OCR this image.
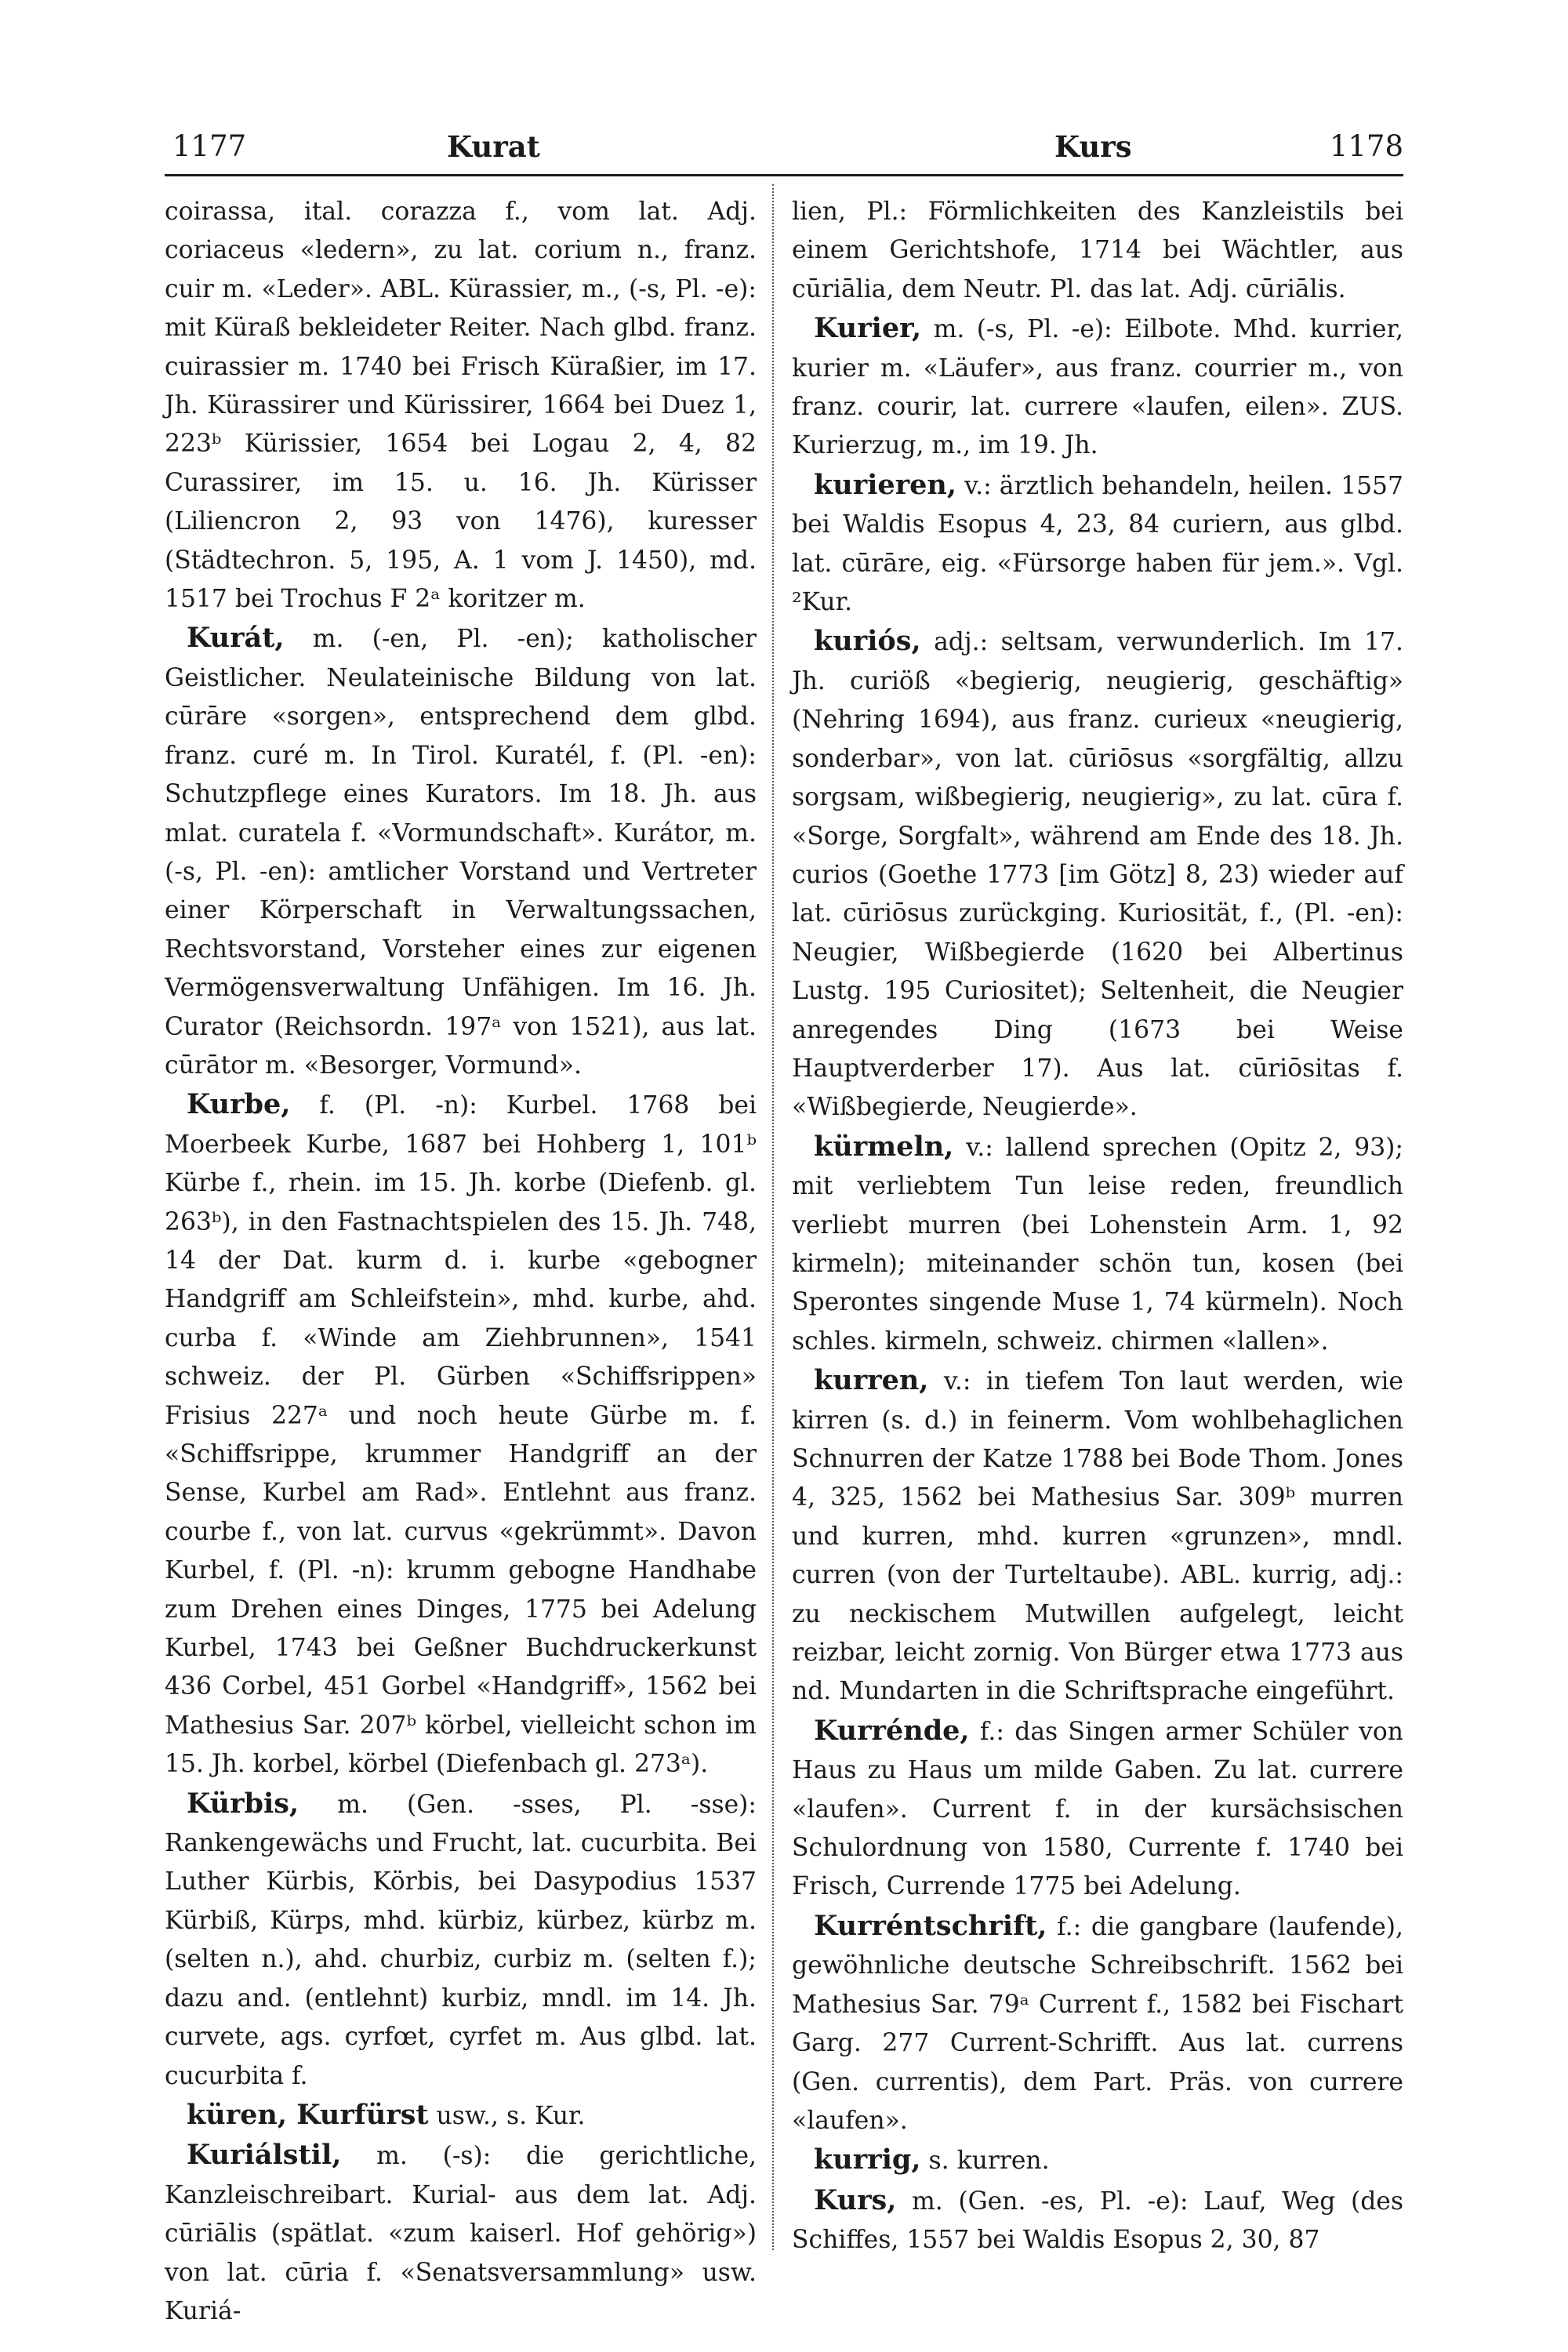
1177	Kurat	Kurs	1178

coirassa, ital. corazza f., vom lat. Adj. coriaceus «ledern», zu lat. corium n., franz. cuir m. «Leder». ABL. Kürassier, m., (-s, Pl. -e): mit Küraß bekleideter Reiter. Nach glbd. franz. cuirassier m. 1740 bei Frisch Küraßier, im 17. Jh. Kürassirer und Kürissirer, 1664 bei Duez 1, 223ᵇ Kürissier, 1654 bei Logau 2, 4, 82 Curassirer, im 15. u. 16. Jh. Kürisser (Liliencron 2, 93 von 1476), kuresser (Städtechron. 5, 195, A. 1 vom J. 1450), md. 1517 bei Trochus F 2ᵃ koritzer m.

Kurát, m. (-en, Pl. -en); katholischer Geistlicher. Neulateinische Bildung von lat. cūrāre «sorgen», entsprechend dem glbd. franz. curé m. In Tirol. Kuratél, f. (Pl. -en): Schutzpflege eines Kurators. Im 18. Jh. aus mlat. curatela f. «Vormundschaft». Kurátor, m. (-s, Pl. -en): amtlicher Vorstand und Vertreter einer Körperschaft in Verwaltungssachen, Rechtsvorstand, Vorsteher eines zur eigenen Vermögensverwaltung Unfähigen. Im 16. Jh. Curator (Reichsordn. 197ᵃ von 1521), aus lat. cūrātor m. «Besorger, Vormund».

Kurbe, f. (Pl. -n): Kurbel. 1768 bei Moerbeek Kurbe, 1687 bei Hohberg 1, 101ᵇ Kürbe f., rhein. im 15. Jh. korbe (Diefenb. gl. 263ᵇ), in den Fastnachtspielen des 15. Jh. 748, 14 der Dat. kurm d. i. kurbe «gebogner Handgriff am Schleifstein», mhd. kurbe, ahd. curba f. «Winde am Ziehbrunnen», 1541 schweiz. der Pl. Gürben «Schiffsrippen» Frisius 227ᵃ und noch heute Gürbe m. f. «Schiffsrippe, krummer Handgriff an der Sense, Kurbel am Rad». Entlehnt aus franz. courbe f., von lat. curvus «gekrümmt». Davon Kurbel, f. (Pl. -n): krumm gebogne Handhabe zum Drehen eines Dinges, 1775 bei Adelung Kurbel, 1743 bei Geßner Buchdruckerkunst 436 Corbel, 451 Gorbel «Handgriff», 1562 bei Mathesius Sar. 207ᵇ körbel, vielleicht schon im 15. Jh. korbel, körbel (Diefenbach gl. 273ᵃ).

Kürbis, m. (Gen. -sses, Pl. -sse): Rankengewächs und Frucht, lat. cucurbita. Bei Luther Kürbis, Körbis, bei Dasypodius 1537 Kürbiß, Kürps, mhd. kürbiz, kürbez, kürbz m. (selten n.), ahd. churbiz, curbiz m. (selten f.); dazu and. (entlehnt) kurbiz, mndl. im 14. Jh. curvete, ags. cyrfœt, cyrfet m. Aus glbd. lat. cucurbita f.

küren, Kurfürst usw., s. Kur.

Kuriálstil, m. (-s): die gerichtliche, Kanzleischreibart. Kurial- aus dem lat. Adj. cūriālis (spätlat. «zum kaiserl. Hof gehörig») von lat. cūria f. «Senatsversammlung» usw. Kuriá-

lien, Pl.: Förmlichkeiten des Kanzleistils bei einem Gerichtshofe, 1714 bei Wächtler, aus cūriālia, dem Neutr. Pl. das lat. Adj. cūriālis.

Kurier, m. (-s, Pl. -e): Eilbote. Mhd. kurrier, kurier m. «Läufer», aus franz. courrier m., von franz. courir, lat. currere «laufen, eilen». ZUS. Kurierzug, m., im 19. Jh.

kurieren, v.: ärztlich behandeln, heilen. 1557 bei Waldis Esopus 4, 23, 84 curiern, aus glbd. lat. cūrāre, eig. «Fürsorge haben für jem.». Vgl. ²Kur.

kuriós, adj.: seltsam, verwunderlich. Im 17. Jh. curiöß «begierig, neugierig, geschäftig» (Nehring 1694), aus franz. curieux «neugierig, sonderbar», von lat. cūriōsus «sorgfältig, allzu sorgsam, wißbegierig, neugierig», zu lat. cūra f. «Sorge, Sorgfalt», während am Ende des 18. Jh. curios (Goethe 1773 [im Götz] 8, 23) wieder auf lat. cūriōsus zurückging. Kuriosität, f., (Pl. -en): Neugier, Wißbegierde (1620 bei Albertinus Lustg. 195 Curiositet); Seltenheit, die Neugier anregendes Ding (1673 bei Weise Hauptverderber 17). Aus lat. cūriōsitas f. «Wißbegierde, Neugierde».

kürmeln, v.: lallend sprechen (Opitz 2, 93); mit verliebtem Tun leise reden, freundlich verliebt murren (bei Lohenstein Arm. 1, 92 kirmeln); miteinander schön tun, kosen (bei Sperontes singende Muse 1, 74 kürmeln). Noch schles. kirmeln, schweiz. chirmen «lallen».

kurren, v.: in tiefem Ton laut werden, wie kirren (s. d.) in feinerm. Vom wohlbehaglichen Schnurren der Katze 1788 bei Bode Thom. Jones 4, 325, 1562 bei Mathesius Sar. 309ᵇ murren und kurren, mhd. kurren «grunzen», mndl. curren (von der Turteltaube). ABL. kurrig, adj.: zu neckischem Mutwillen aufgelegt, leicht reizbar, leicht zornig. Von Bürger etwa 1773 aus nd. Mundarten in die Schriftsprache eingeführt.

Kurrénde, f.: das Singen armer Schüler von Haus zu Haus um milde Gaben. Zu lat. currere «laufen». Current f. in der kursächsischen Schulordnung von 1580, Currente f. 1740 bei Frisch, Currende 1775 bei Adelung.

Kurréntschrift, f.: die gangbare (laufende), gewöhnliche deutsche Schreibschrift. 1562 bei Mathesius Sar. 79ᵃ Current f., 1582 bei Fischart Garg. 277 Current-Schrifft. Aus lat. currens (Gen. currentis), dem Part. Präs. von currere «laufen».

kurrig, s. kurren.

Kurs, m. (Gen. -es, Pl. -e): Lauf, Weg (des Schiffes, 1557 bei Waldis Esopus 2, 30, 87
